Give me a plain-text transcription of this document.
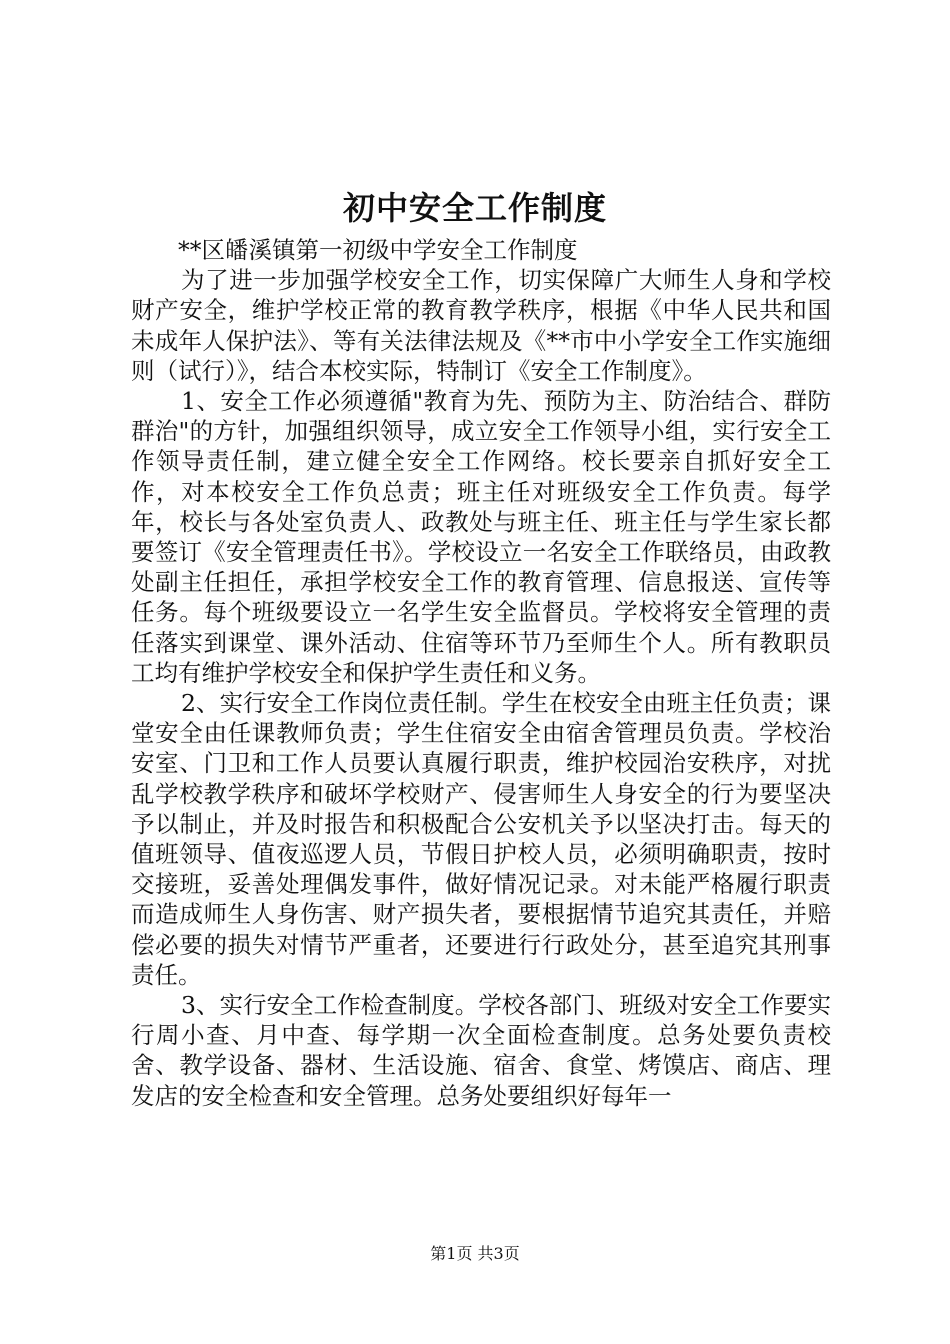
初中安全工作制度

**区皤溪镇第一初级中学安全工作制度

为了进一步加强学校安全工作，切实保障广大师生人身和学校财产安全，维护学校正常的教育教学秩序，根据《中华人民共和国未成年人保护法》、等有关法律法规及《**市中小学安全工作实施细则（试行）》，结合本校实际，特制订《安全工作制度》。

1、安全工作必须遵循"教育为先、预防为主、防治结合、群防群治"的方针，加强组织领导，成立安全工作领导小组，实行安全工作领导责任制，建立健全安全工作网络。校长要亲自抓好安全工作，对本校安全工作负总责；班主任对班级安全工作负责。每学年，校长与各处室负责人、政教处与班主任、班主任与学生家长都要签订《安全管理责任书》。学校设立一名安全工作联络员，由政教处副主任担任，承担学校安全工作的教育管理、信息报送、宣传等任务。每个班级要设立一名学生安全监督员。学校将安全管理的责任落实到课堂、课外活动、住宿等环节乃至师生个人。所有教职员工均有维护学校安全和保护学生责任和义务。

2、实行安全工作岗位责任制。学生在校安全由班主任负责；课堂安全由任课教师负责；学生住宿安全由宿舍管理员负责。学校治安室、门卫和工作人员要认真履行职责，维护校园治安秩序，对扰乱学校教学秩序和破坏学校财产、侵害师生人身安全的行为要坚决予以制止，并及时报告和积极配合公安机关予以坚决打击。每天的值班领导、值夜巡逻人员，节假日护校人员，必须明确职责，按时交接班，妥善处理偶发事件，做好情况记录。对未能严格履行职责而造成师生人身伤害、财产损失者，要根据情节追究其责任，并赔偿必要的损失对情节严重者，还要进行行政处分，甚至追究其刑事责任。

3、实行安全工作检查制度。学校各部门、班级对安全工作要实行周小查、月中查、每学期一次全面检查制度。总务处要负责校舍、教学设备、器材、生活设施、宿舍、食堂、烤馍店、商店、理发店的安全检查和安全管理。总务处要组织好每年一

第1页 共3页
